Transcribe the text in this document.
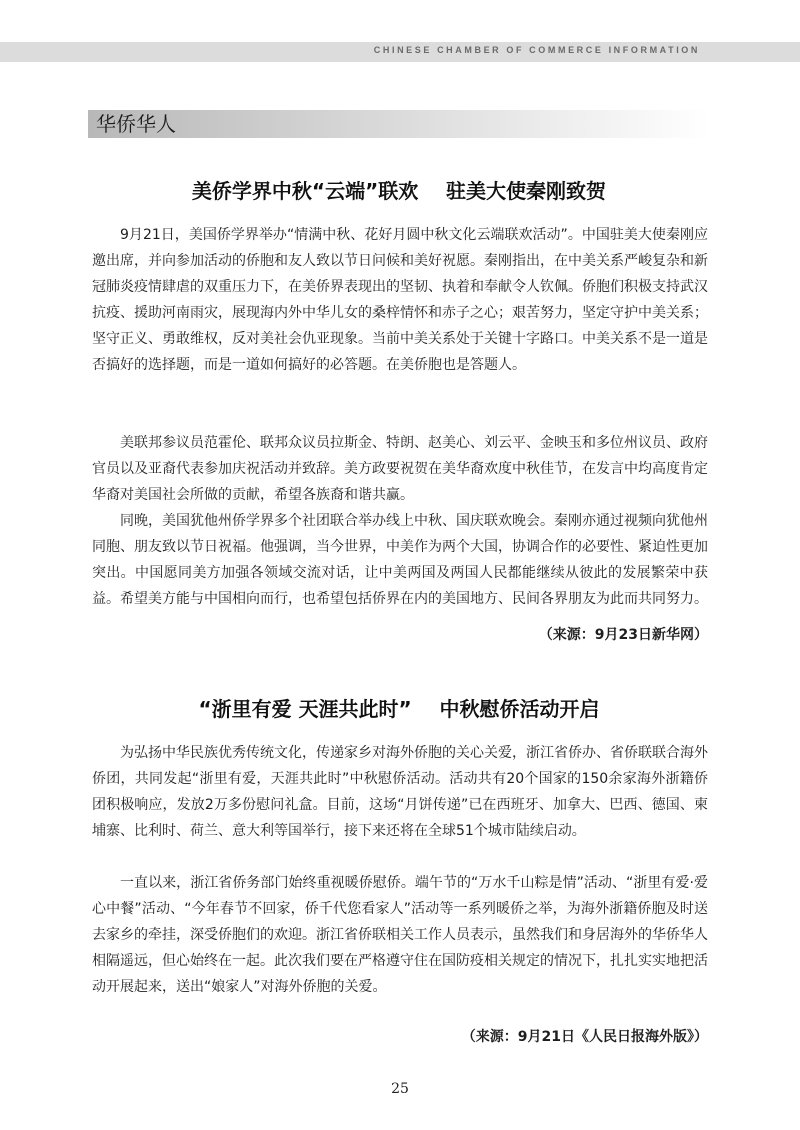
CHINESE CHAMBER OF COMMERCE INFORMATION
华侨华人
美侨学界中秋“云端”联欢    驻美大使秦刚致贺

9月21日，美国侨学界举办“情满中秋、花好月圆中秋文化云端联欢活动”。中国驻美大使秦刚应邀出席，并向参加活动的侨胞和友人致以节日问候和美好祝愿。秦刚指出，在中美关系严峻复杂和新冠肺炎疫情肆虐的双重压力下，在美侨界表现出的坚韧、执着和奉献令人钦佩。侨胞们积极支持武汉抗疫、援助河南雨灾，展现海内外中华儿女的桑梓情怀和赤子之心；艰苦努力，坚定守护中美关系；坚守正义、勇敢维权，反对美社会仇亚现象。当前中美关系处于关键十字路口。中美关系不是一道是否搞好的选择题，而是一道如何搞好的必答题。在美侨胞也是答题人。

美联邦参议员范霍伦、联邦众议员拉斯金、特朗、赵美心、刘云平、金映玉和多位州议员、政府官员以及亚裔代表参加庆祝活动并致辞。美方政要祝贺在美华裔欢度中秋佳节，在发言中均高度肯定华裔对美国社会所做的贡献，希望各族裔和谐共赢。

同晚，美国犹他州侨学界多个社团联合举办线上中秋、国庆联欢晚会。秦刚亦通过视频向犹他州同胞、朋友致以节日祝福。他强调，当今世界，中美作为两个大国，协调合作的必要性、紧迫性更加突出。中国愿同美方加强各领域交流对话，让中美两国及两国人民都能继续从彼此的发展繁荣中获益。希望美方能与中国相向而行，也希望包括侨界在内的美国地方、民间各界朋友为此而共同努力。

（来源：9月23日新华网）
“浙里有爱 天涯共此时”    中秋慰侨活动开启

为弘扬中华民族优秀传统文化，传递家乡对海外侨胞的关心关爱，浙江省侨办、省侨联联合海外侨团，共同发起“浙里有爱，天涯共此时”中秋慰侨活动。活动共有20个国家的150余家海外浙籍侨团积极响应，发放2万多份慰问礼盒。目前，这场“月饼传递”已在西班牙、加拿大、巴西、德国、柬埔寨、比利时、荷兰、意大利等国举行，接下来还将在全球51个城市陆续启动。

一直以来，浙江省侨务部门始终重视暖侨慰侨。端午节的“万水千山粽是情”活动、“浙里有爱·爱心中餐”活动、“今年春节不回家，侨千代您看家人”活动等一系列暖侨之举，为海外浙籍侨胞及时送去家乡的牵挂，深受侨胞们的欢迎。浙江省侨联相关工作人员表示，虽然我们和身居海外的华侨华人相隔遥远，但心始终在一起。此次我们要在严格遵守住在国防疫相关规定的情况下，扎扎实实地把活动开展起来，送出“娘家人”对海外侨胞的关爱。

（来源：9月21日《人民日报海外版》）
25
